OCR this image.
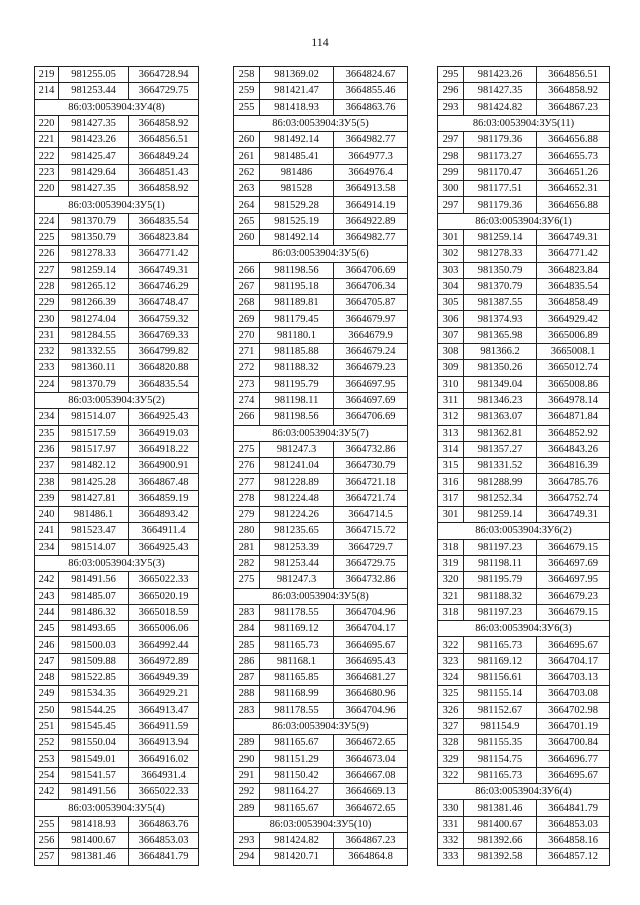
114
219	981255.05	3664728.94
214	981253.44	3664729.75
86:03:0053904:ЗУ4(8)		
220	981427.35	3664858.92
221	981423.26	3664856.51
222	981425.47	3664849.24
223	981429.64	3664851.43
220	981427.35	3664858.92
86:03:0053904:ЗУ5(1)		
224	981370.79	3664835.54
225	981350.79	3664823.84
226	981278.33	3664771.42
227	981259.14	3664749.31
228	981265.12	3664746.29
229	981266.39	3664748.47
230	981274.04	3664759.32
231	981284.55	3664769.33
232	981332.55	3664799.82
233	981360.11	3664820.88
224	981370.79	3664835.54
86:03:0053904:ЗУ5(2)		
234	981514.07	3664925.43
235	981517.59	3664919.03
236	981517.97	3664918.22
237	981482.12	3664900.91
238	981425.28	3664867.48
239	981427.81	3664859.19
240	981486.1	3664893.42
241	981523.47	3664911.4
234	981514.07	3664925.43
86:03:0053904:ЗУ5(3)		
242	981491.56	3665022.33
243	981485.07	3665020.19
244	981486.32	3665018.59
245	981493.65	3665006.06
246	981500.03	3664992.44
247	981509.88	3664972.89
248	981522.85	3664949.39
249	981534.35	3664929.21
250	981544.25	3664913.47
251	981545.45	3664911.59
252	981550.04	3664913.94
253	981549.01	3664916.02
254	981541.57	3664931.4
242	981491.56	3665022.33
86:03:0053904:ЗУ5(4)		
255	981418.93	3664863.76
256	981400.67	3664853.03
257	981381.46	3664841.79
258	981369.02	3664824.67
259	981421.47	3664855.46
255	981418.93	3664863.76
86:03:0053904:ЗУ5(5)		
260	981492.14	3664982.77
261	981485.41	3664977.3
262	981486	3664976.4
263	981528	3664913.58
264	981529.28	3664914.19
265	981525.19	3664922.89
260	981492.14	3664982.77
86:03:0053904:ЗУ5(6)		
266	981198.56	3664706.69
267	981195.18	3664706.34
268	981189.81	3664705.87
269	981179.45	3664679.97
270	981180.1	3664679.9
271	981185.88	3664679.24
272	981188.32	3664679.23
273	981195.79	3664697.95
274	981198.11	3664697.69
266	981198.56	3664706.69
86:03:0053904:ЗУ5(7)		
275	981247.3	3664732.86
276	981241.04	3664730.79
277	981228.89	3664721.18
278	981224.48	3664721.74
279	981224.26	3664714.5
280	981235.65	3664715.72
281	981253.39	3664729.7
282	981253.44	3664729.75
275	981247.3	3664732.86
86:03:0053904:ЗУ5(8)		
283	981178.55	3664704.96
284	981169.12	3664704.17
285	981165.73	3664695.67
286	981168.1	3664695.43
287	981165.85	3664681.27
288	981168.99	3664680.96
283	981178.55	3664704.96
86:03:0053904:ЗУ5(9)		
289	981165.67	3664672.65
290	981151.29	3664673.04
291	981150.42	3664667.08
292	981164.27	3664669.13
289	981165.67	3664672.65
86:03:0053904:ЗУ5(10)		
293	981424.82	3664867.23
294	981420.71	3664864.8
295	981423.26	3664856.51
296	981427.35	3664858.92
293	981424.82	3664867.23
86:03:0053904:ЗУ5(11)		
297	981179.36	3664656.88
298	981173.27	3664655.73
299	981170.47	3664651.26
300	981177.51	3664652.31
297	981179.36	3664656.88
86:03:0053904:ЗУ6(1)		
301	981259.14	3664749.31
302	981278.33	3664771.42
303	981350.79	3664823.84
304	981370.79	3664835.54
305	981387.55	3664858.49
306	981374.93	3664929.42
307	981365.98	3665006.89
308	981366.2	3665008.1
309	981350.26	3665012.74
310	981349.04	3665008.86
311	981346.23	3664978.14
312	981363.07	3664871.84
313	981362.81	3664852.92
314	981357.27	3664843.26
315	981331.52	3664816.39
316	981288.99	3664785.76
317	981252.34	3664752.74
301	981259.14	3664749.31
86:03:0053904:ЗУ6(2)		
318	981197.23	3664679.15
319	981198.11	3664697.69
320	981195.79	3664697.95
321	981188.32	3664679.23
318	981197.23	3664679.15
86:03:0053904:ЗУ6(3)		
322	981165.73	3664695.67
323	981169.12	3664704.17
324	981156.61	3664703.13
325	981155.14	3664703.08
326	981152.67	3664702.98
327	981154.9	3664701.19
328	981155.35	3664700.84
329	981154.75	3664696.77
322	981165.73	3664695.67
86:03:0053904:ЗУ6(4)		
330	981381.46	3664841.79
331	981400.67	3664853.03
332	981392.66	3664858.16
333	981392.58	3664857.12
